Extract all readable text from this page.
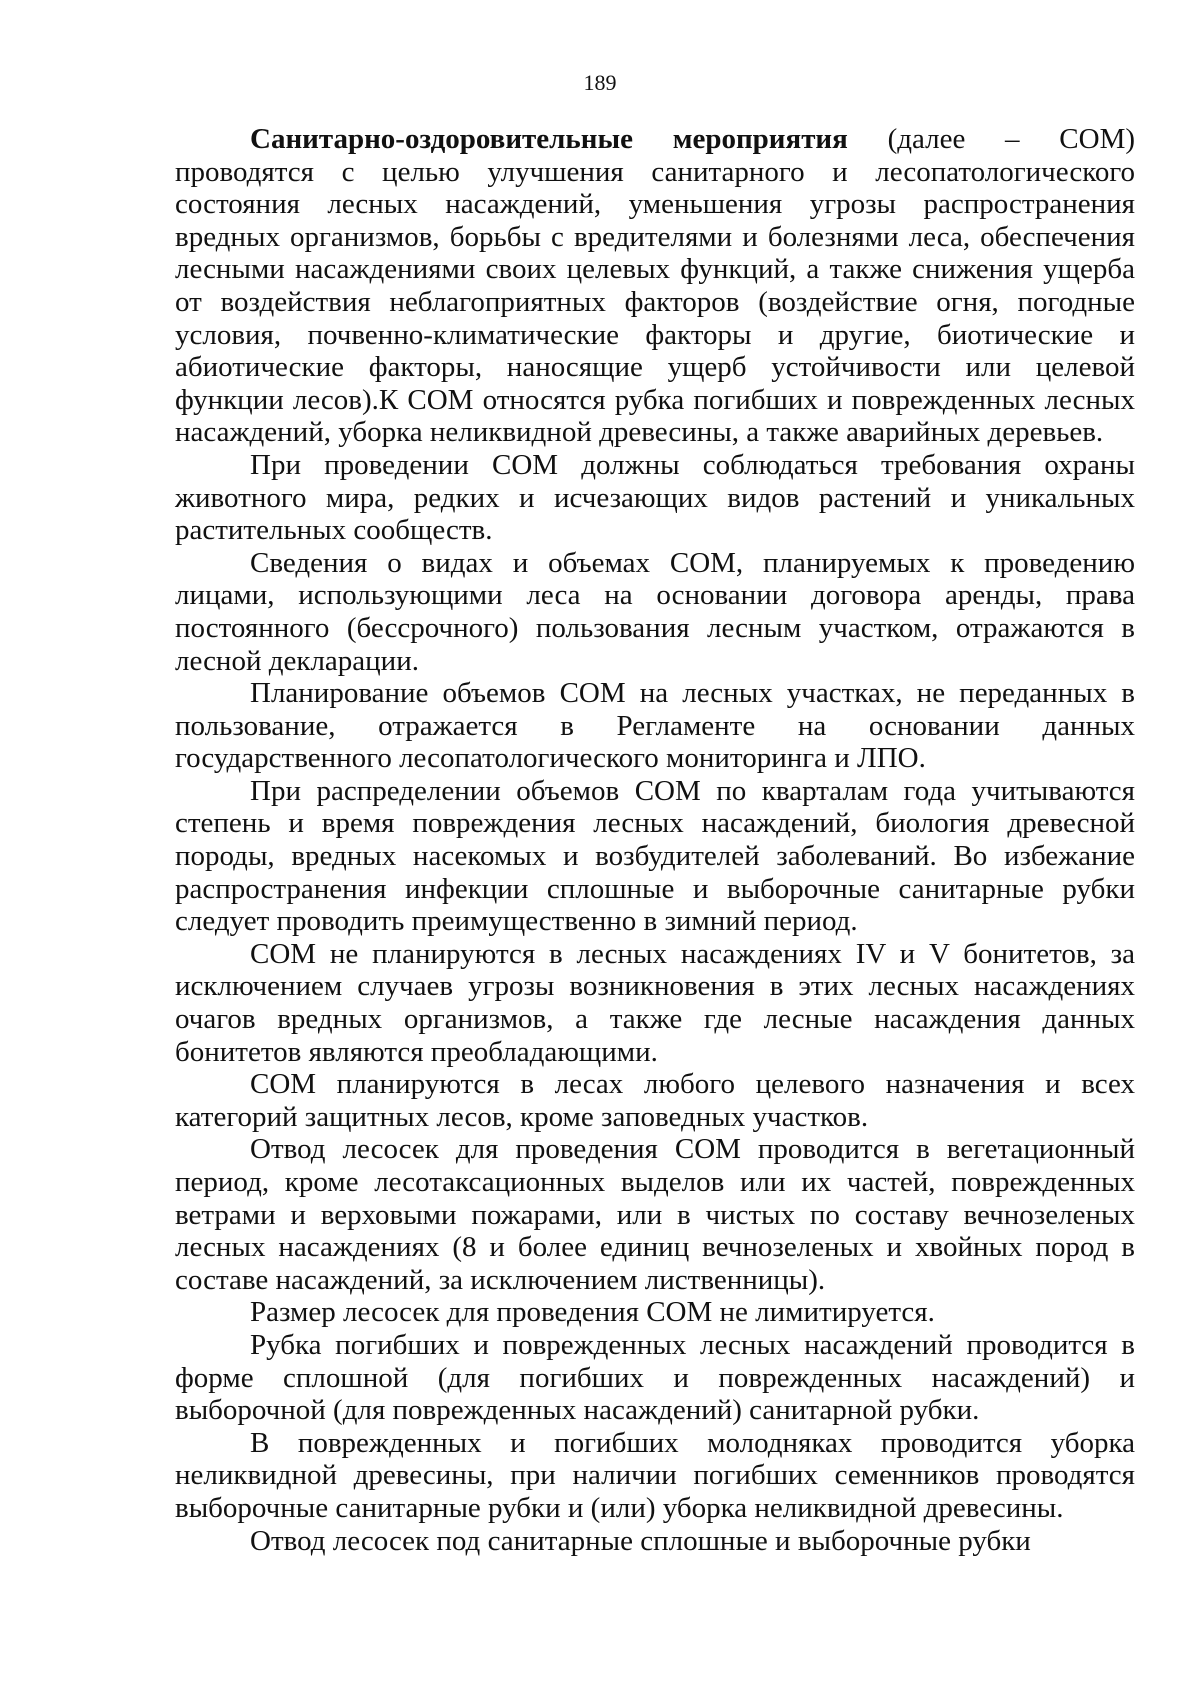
189

Санитарно-оздоровительные мероприятия (далее – СОМ) проводятся с целью улучшения санитарного и лесопатологического состояния лесных насаждений, уменьшения угрозы распространения вредных организмов, борьбы с вредителями и болезнями леса, обеспечения лесными насаждениями своих целевых функций, а также снижения ущерба от воздействия неблагоприятных факторов (воздействие огня, погодные условия, почвенно-климатические факторы и другие, биотические и абиотические факторы, наносящие ущерб устойчивости или целевой функции лесов).К СОМ относятся рубка погибших и поврежденных лесных насаждений, уборка неликвидной древесины, а также аварийных деревьев.

При проведении СОМ должны соблюдаться требования охраны животного мира, редких и исчезающих видов растений и уникальных растительных сообществ.

Сведения о видах и объемах СОМ, планируемых к проведению лицами, использующими леса на основании договора аренды, права постоянного (бессрочного) пользования лесным участком, отражаются в лесной декларации.

Планирование объемов СОМ на лесных участках, не переданных в пользование, отражается в Регламенте на основании данных государственного лесопатологического мониторинга и ЛПО.

При распределении объемов СОМ по кварталам года учитываются степень и время повреждения лесных насаждений, биология древесной породы, вредных насекомых и возбудителей заболеваний. Во избежание распространения инфекции сплошные и выборочные санитарные рубки следует проводить преимущественно в зимний период.

СОМ не планируются в лесных насаждениях IV и V бонитетов, за исключением случаев угрозы возникновения в этих лесных насаждениях очагов вредных организмов, а также где лесные насаждения данных бонитетов являются преобладающими.

СОМ планируются в лесах любого целевого назначения и всех категорий защитных лесов, кроме заповедных участков.

Отвод лесосек для проведения СОМ проводится в вегетационный период, кроме лесотаксационных выделов или их частей, поврежденных ветрами и верховыми пожарами, или в чистых по составу вечнозеленых лесных насаждениях (8 и более единиц вечнозеленых и хвойных пород в составе насаждений, за исключением лиственницы).

Размер лесосек для проведения СОМ не лимитируется.

Рубка погибших и поврежденных лесных насаждений проводится в форме сплошной (для погибших и поврежденных насаждений) и выборочной (для поврежденных насаждений) санитарной рубки.

В поврежденных и погибших молодняках проводится уборка неликвидной древесины, при наличии погибших семенников проводятся выборочные санитарные рубки и (или) уборка неликвидной древесины.

Отвод лесосек под санитарные сплошные и выборочные рубки
